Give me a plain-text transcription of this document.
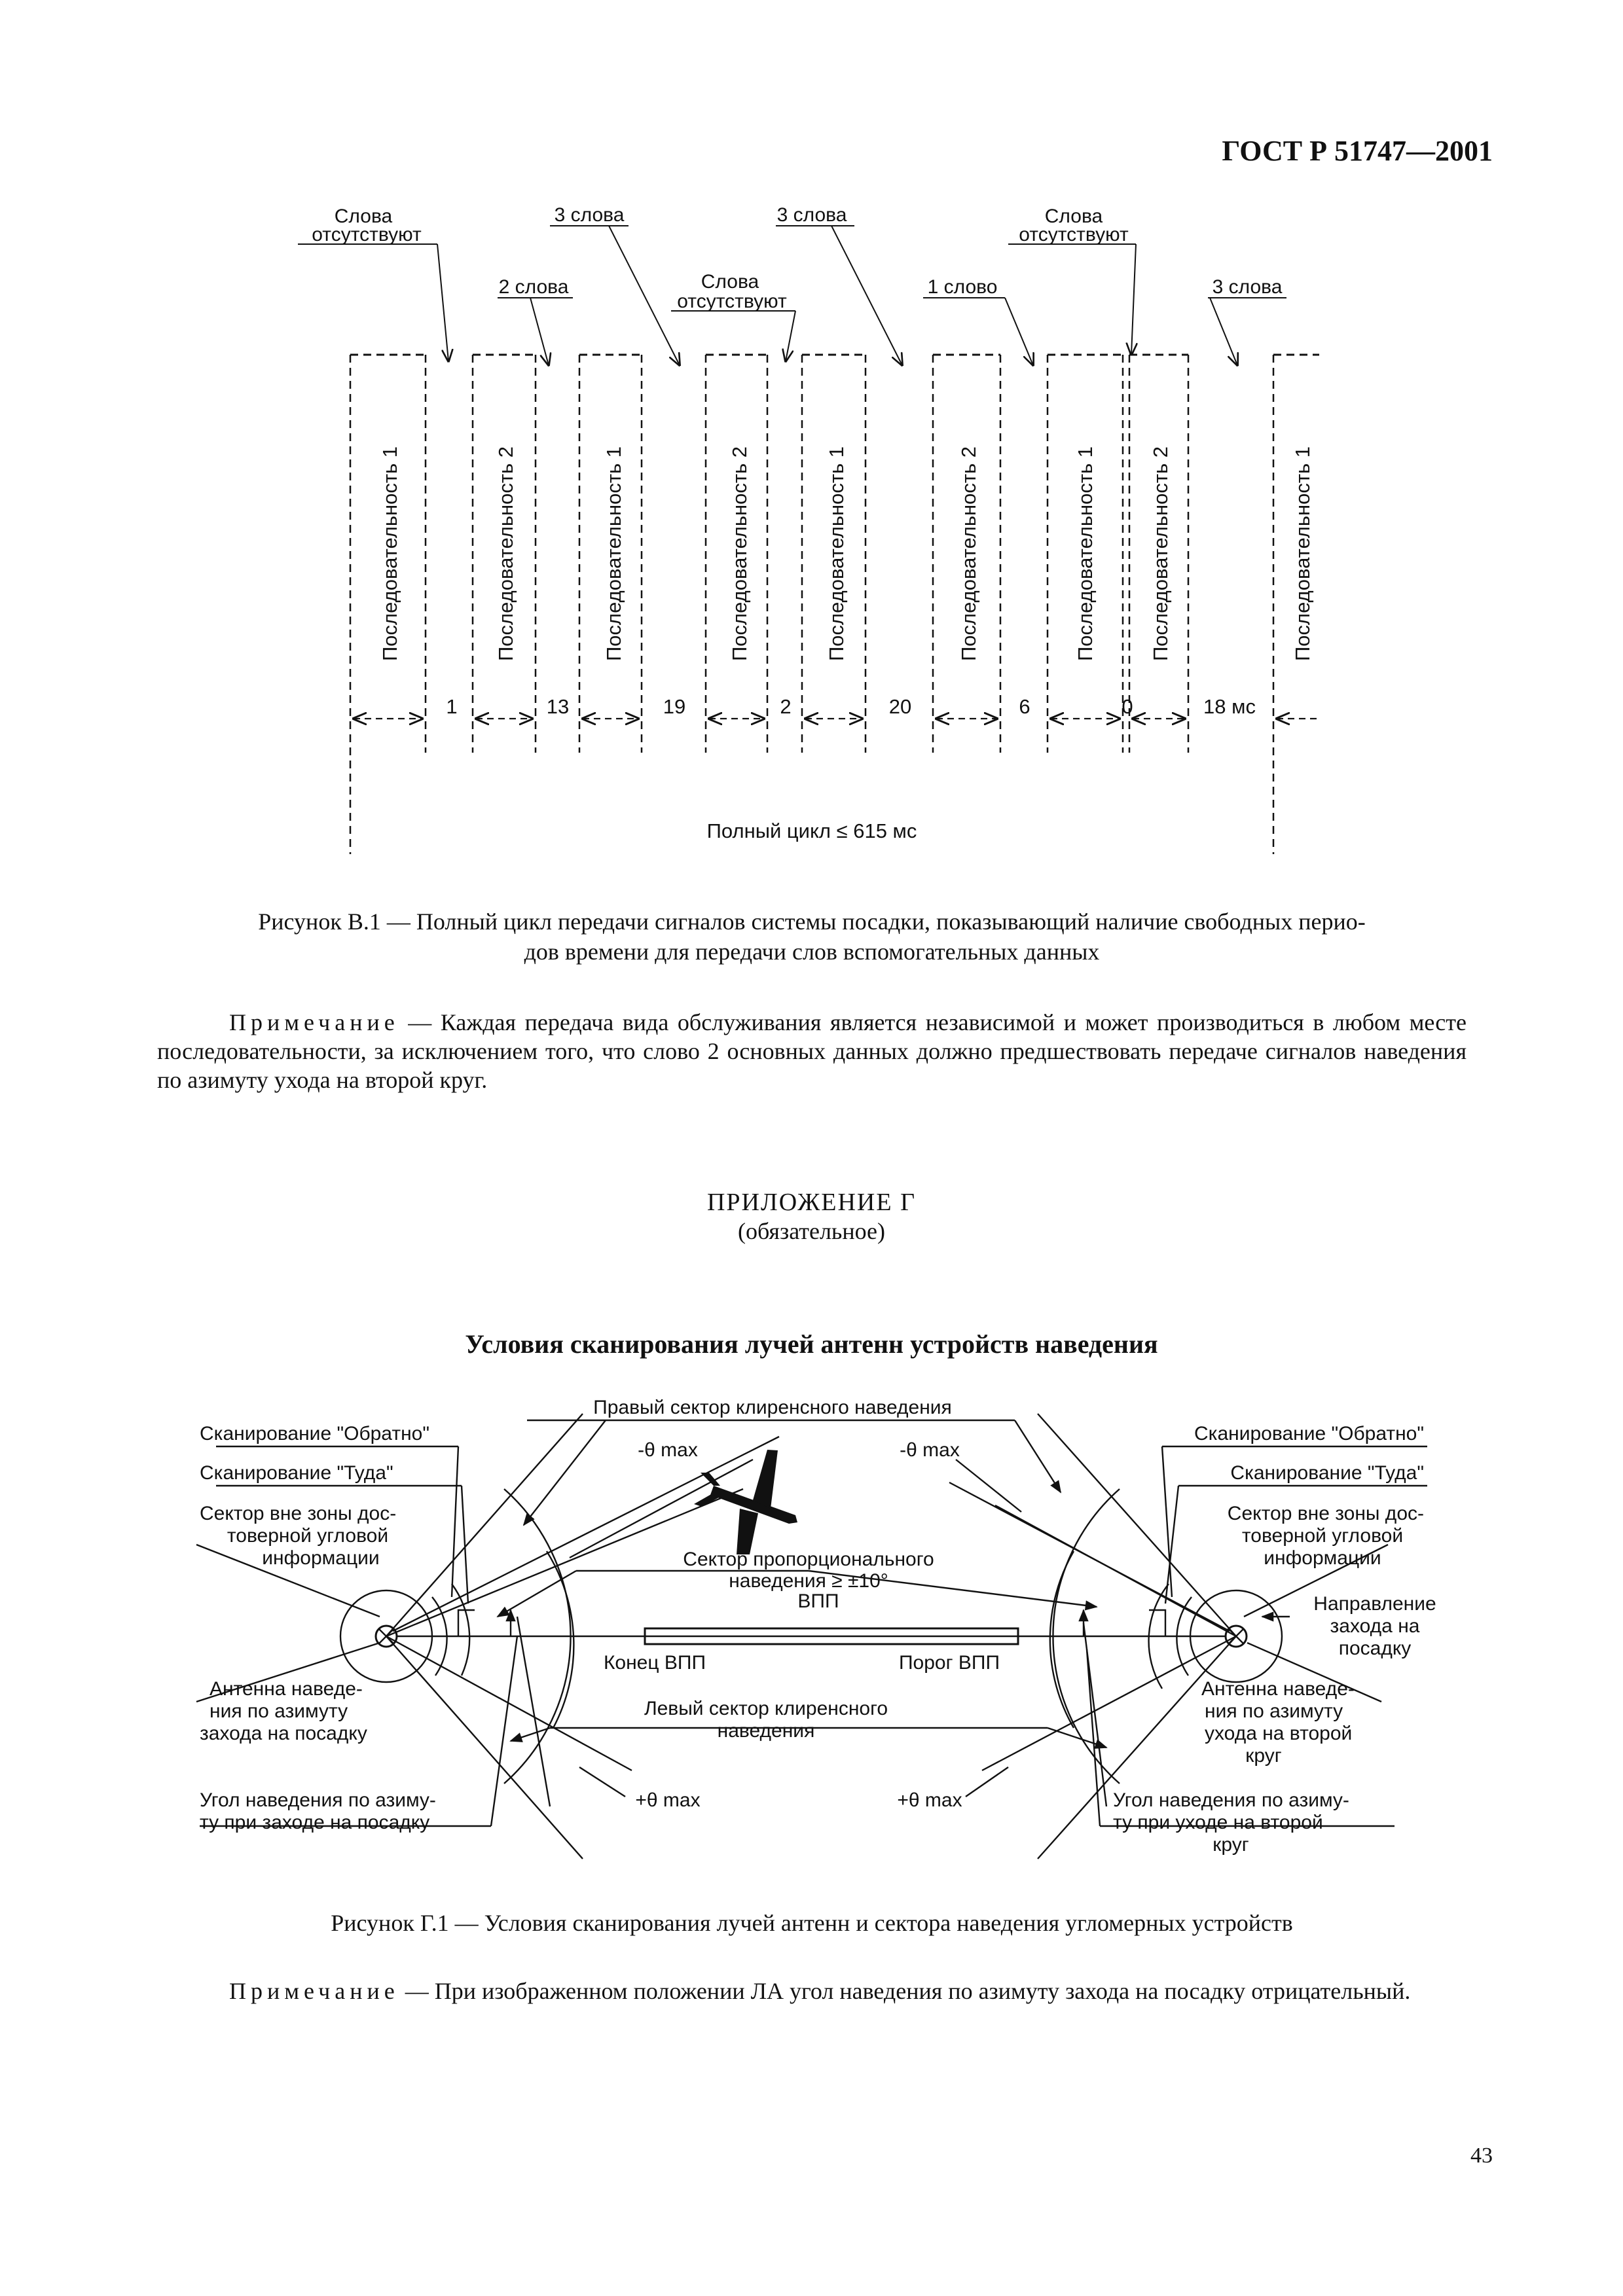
ГОСТ Р 51747—2001
Слова
отсутствуют
2 слова
3 слова
Слова
отсутствуют
3 слова
1 слово
Слова
отсутствуют
3 слова
Последовательность 1	Последовательность 2	Последовательность 1	Последовательность 2	Последовательность 1	Последовательность 2	Последовательность 1	Последовательность 2	Последовательность 1
1	13	19	2	20	6	0	18 мс
Полный цикл ≤ 615 мс
Рисунок В.1 — Полный цикл передачи сигналов системы посадки, показывающий наличие свободных перио-
дов времени для передачи слов вспомогательных данных
Примечание — Каждая передача вида обслуживания является независимой и может производиться в любом месте последовательности, за исключением того, что слово 2 основных данных должно предшествовать передаче сигналов наведения по азимуту ухода на второй круг.
ПРИЛОЖЕНИЕ Г
(обязательное)
Условия сканирования лучей антенн устройств наведения
Правый сектор клиренсного наведения
-θ max	-θ max
Сектор пропорционального
наведения ≥ ±10°
ВПП
Конец ВПП	Порог ВПП
Левый сектор клиренсного
наведения
+θ max	+θ max
Сканирование "Обратно"
Сканирование "Туда"
Сектор вне зоны дос-
товерной угловой
информации
Антенна наведе-
ния по азимуту
захода на посадку
Угол наведения по азиму-
ту при заходе на посадку
Сканирование "Обратно"
Сканирование "Туда"
Сектор вне зоны дос-
товерной угловой
информации
Направление
захода на
посадку
Антенна наведе-
ния по азимуту
ухода на второй
круг
Угол наведения по азиму-
ту при уходе на второй
круг
Рисунок Г.1 — Условия сканирования лучей антенн и сектора наведения угломерных устройств
Примечание — При изображенном положении ЛА угол наведения по азимуту захода на посадку отрицательный.
43
